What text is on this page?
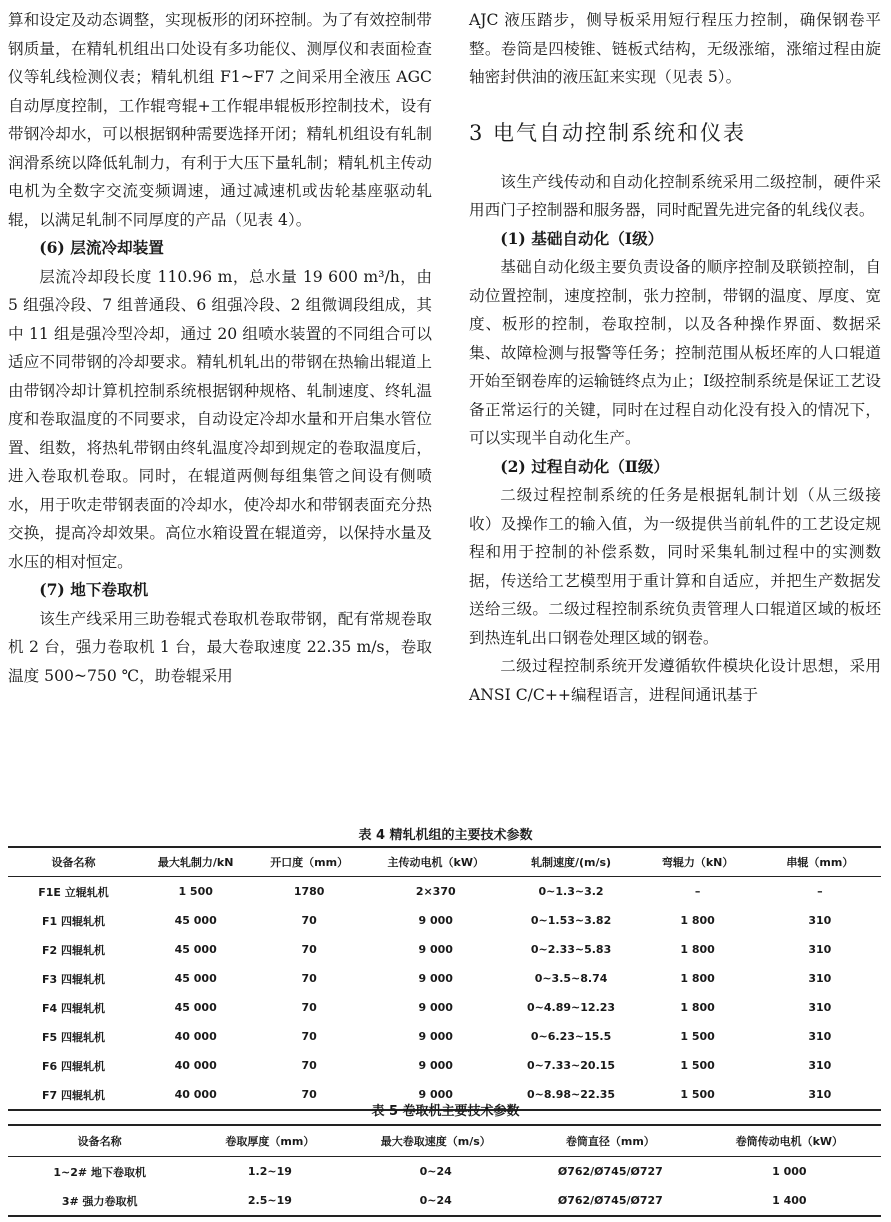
算和设定及动态调整，实现板形的闭环控制。为了有效控制带钢质量，在精轧机组出口处设有多功能仪、测厚仪和表面检查仪等轧线检测仪表；精轧机组 F1~F7 之间采用全液压 AGC 自动厚度控制，工作辊弯辊+工作辊串辊板形控制技术，设有带钢冷却水，可以根据钢种需要选择开闭；精轧机组设有轧制润滑系统以降低轧制力，有利于大压下量轧制；精轧机主传动电机为全数字交流变频调速，通过减速机或齿轮基座驱动轧辊，以满足轧制不同厚度的产品（见表 4）。

(6) 层流冷却装置

层流冷却段长度 110.96 m，总水量 19 600 m³/h，由 5 组强冷段、7 组普通段、6 组强冷段、2 组微调段组成，其中 11 组是强冷型冷却，通过 20 组喷水装置的不同组合可以适应不同带钢的冷却要求。精轧机轧出的带钢在热输出辊道上由带钢冷却计算机控制系统根据钢种规格、轧制速度、终轧温度和卷取温度的不同要求，自动设定冷却水量和开启集水管位置、组数，将热轧带钢由终轧温度冷却到规定的卷取温度后，进入卷取机卷取。同时，在辊道两侧每组集管之间设有侧喷水，用于吹走带钢表面的冷却水，使冷却水和带钢表面充分热交换，提高冷却效果。高位水箱设置在辊道旁，以保持水量及水压的相对恒定。

(7) 地下卷取机

该生产线采用三助卷辊式卷取机卷取带钢，配有常规卷取机 2 台，强力卷取机 1 台，最大卷取速度 22.35 m/s，卷取温度 500~750 ℃，助卷辊采用

AJC 液压踏步，侧导板采用短行程压力控制，确保钢卷平整。卷筒是四棱锥、链板式结构，无级涨缩，涨缩过程由旋轴密封供油的液压缸来实现（见表 5）。

3 电气自动控制系统和仪表

该生产线传动和自动化控制系统采用二级控制，硬件采用西门子控制器和服务器，同时配置先进完备的轧线仪表。

(1) 基础自动化（Ⅰ级）

基础自动化级主要负责设备的顺序控制及联锁控制，自动位置控制，速度控制，张力控制，带钢的温度、厚度、宽度、板形的控制，卷取控制，以及各种操作界面、数据采集、故障检测与报警等任务；控制范围从板坯库的人口辊道开始至钢卷库的运输链终点为止；Ⅰ级控制系统是保证工艺设备正常运行的关键，同时在过程自动化没有投入的情况下，可以实现半自动化生产。

(2) 过程自动化（Ⅱ级）

二级过程控制系统的任务是根据轧制计划（从三级接收）及操作工的输入值，为一级提供当前轧件的工艺设定规程和用于控制的补偿系数，同时采集轧制过程中的实测数据，传送给工艺模型用于重计算和自适应，并把生产数据发送给三级。二级过程控制系统负责管理人口辊道区域的板坯到热连轧出口钢卷处理区域的钢卷。

二级过程控制系统开发遵循软件模块化设计思想，采用 ANSI C/C++编程语言，进程间通讯基于

表 4 精轧机组的主要技术参数
设备名称	最大轧制力/kN	开口度（mm）	主传动电机（kW）	轧制速度/(m/s)	弯辊力（kN）	串辊（mm）
F1E 立辊轧机	1 500	1780	2×370	0~1.3~3.2	–	–
F1 四辊轧机	45 000	70	9 000	0~1.53~3.82	1 800	310
F2 四辊轧机	45 000	70	9 000	0~2.33~5.83	1 800	310
F3 四辊轧机	45 000	70	9 000	0~3.5~8.74	1 800	310
F4 四辊轧机	45 000	70	9 000	0~4.89~12.23	1 800	310
F5 四辊轧机	40 000	70	9 000	0~6.23~15.5	1 500	310
F6 四辊轧机	40 000	70	9 000	0~7.33~20.15	1 500	310
F7 四辊轧机	40 000	70	9 000	0~8.98~22.35	1 500	310
表 5 卷取机主要技术参数
设备名称	卷取厚度（mm）	最大卷取速度（m/s）	卷筒直径（mm）	卷筒传动电机（kW）
1~2# 地下卷取机	1.2~19	0~24	Ø762/Ø745/Ø727	1 000
3# 强力卷取机	2.5~19	0~24	Ø762/Ø745/Ø727	1 400
